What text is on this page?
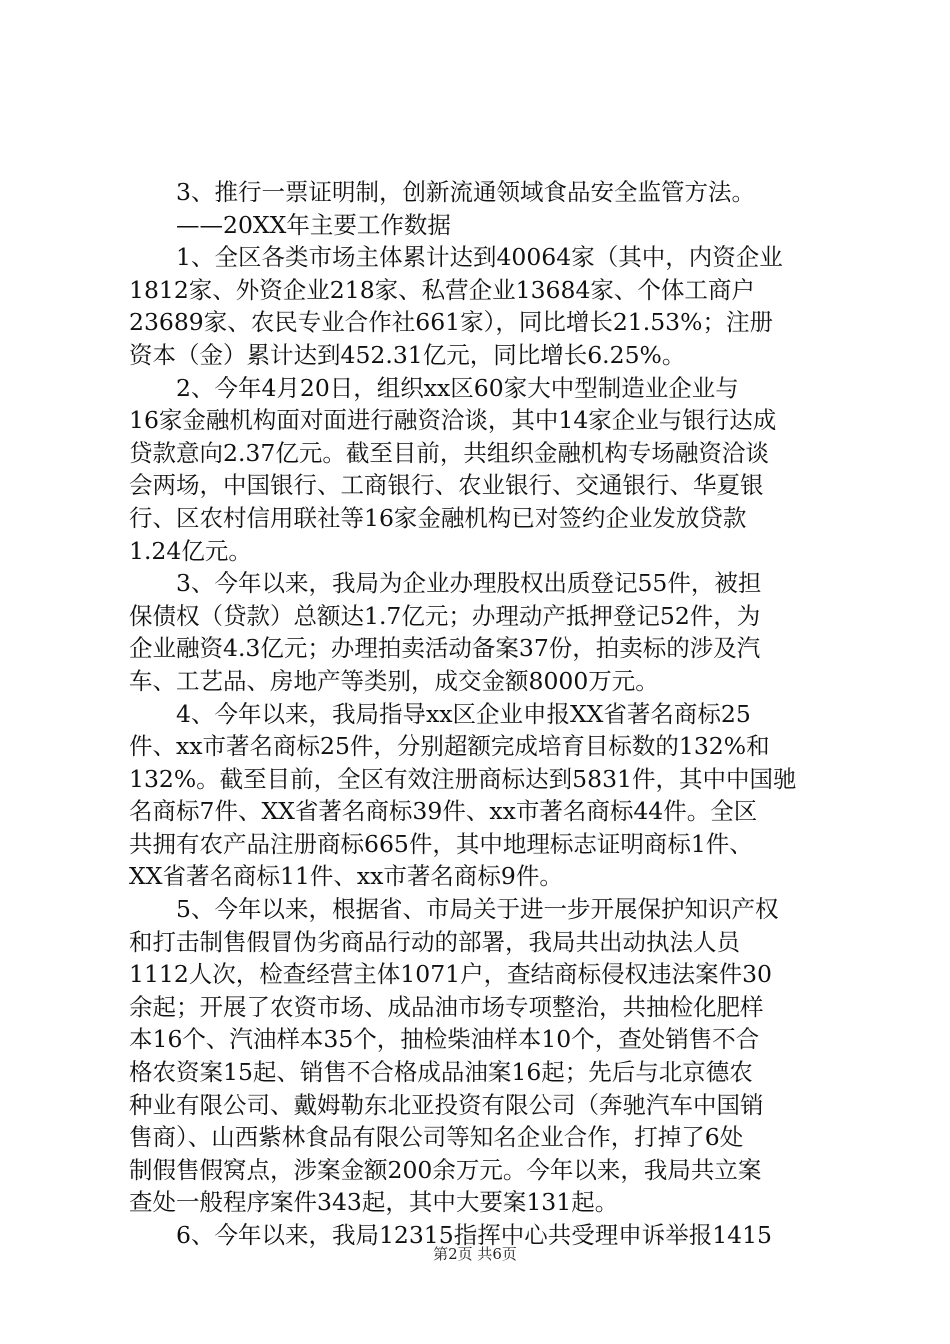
3、推行一票证明制，创新流通领域食品安全监管方法。

——20XX年主要工作数据

1、全区各类市场主体累计达到40064家（其中，内资企业
1812家、外资企业218家、私营企业13684家、个体工商户
23689家、农民专业合作社661家），同比增长21.53%；注册
资本（金）累计达到452.31亿元，同比增长6.25%。

2、今年4月20日，组织xx区60家大中型制造业企业与
16家金融机构面对面进行融资洽谈，其中14家企业与银行达成
贷款意向2.37亿元。截至目前，共组织金融机构专场融资洽谈
会两场，中国银行、工商银行、农业银行、交通银行、华夏银
行、区农村信用联社等16家金融机构已对签约企业发放贷款
1.24亿元。

3、今年以来，我局为企业办理股权出质登记55件，被担
保债权（贷款）总额达1.7亿元；办理动产抵押登记52件，为
企业融资4.3亿元；办理拍卖活动备案37份，拍卖标的涉及汽
车、工艺品、房地产等类别，成交金额8000万元。

4、今年以来，我局指导xx区企业申报XX省著名商标25
件、xx市著名商标25件，分别超额完成培育目标数的132%和
132%。截至目前，全区有效注册商标达到5831件，其中中国驰
名商标7件、XX省著名商标39件、xx市著名商标44件。全区
共拥有农产品注册商标665件，其中地理标志证明商标1件、
XX省著名商标11件、xx市著名商标9件。

5、今年以来，根据省、市局关于进一步开展保护知识产权
和打击制售假冒伪劣商品行动的部署，我局共出动执法人员
1112人次，检查经营主体1071户，查结商标侵权违法案件30
余起；开展了农资市场、成品油市场专项整治，共抽检化肥样
本16个、汽油样本35个，抽检柴油样本10个，查处销售不合
格农资案15起、销售不合格成品油案16起；先后与北京德农
种业有限公司、戴姆勒东北亚投资有限公司（奔驰汽车中国销
售商）、山西紫林食品有限公司等知名企业合作，打掉了6处
制假售假窝点，涉案金额200余万元。今年以来，我局共立案
查处一般程序案件343起，其中大要案131起。

6、今年以来，我局12315指挥中心共受理申诉举报1415

第2页 共6页
